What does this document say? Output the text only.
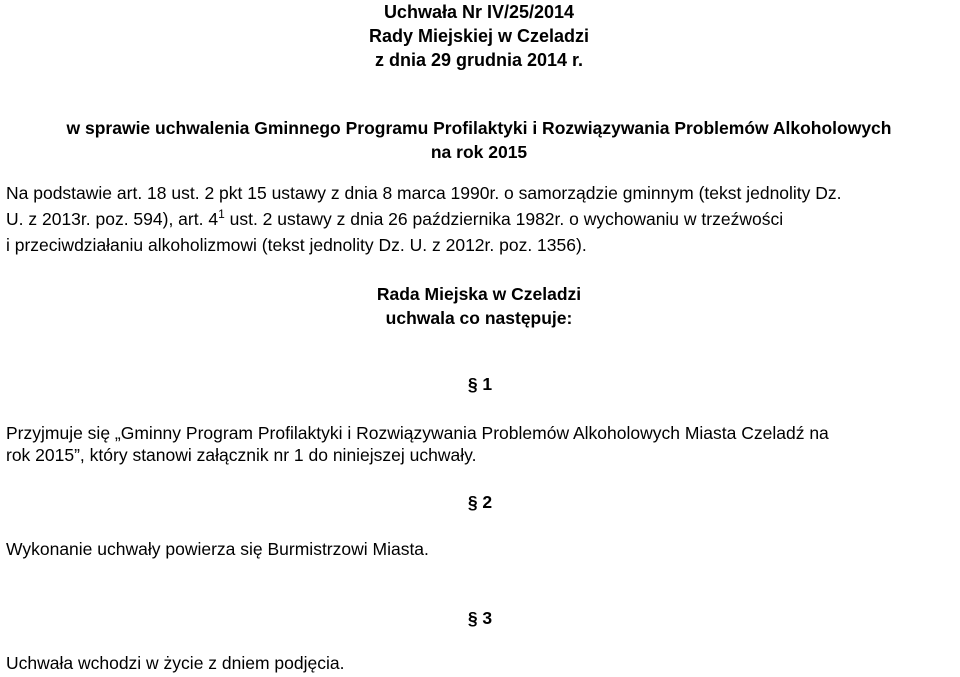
Uchwała Nr IV/25/2014
Rady Miejskiej w Czeladzi
z dnia 29 grudnia 2014 r.
w sprawie uchwalenia Gminnego Programu Profilaktyki i Rozwiązywania Problemów Alkoholowych
na rok 2015
Na podstawie art. 18 ust. 2 pkt 15 ustawy z dnia 8 marca 1990r. o samorządzie gminnym (tekst jednolity Dz.
U. z 2013r. poz. 594), art. $4^1$ ust. 2 ustawy z dnia 26 października 1982r. o wychowaniu w trzeźwości
i przeciwdziałaniu alkoholizmowi (tekst jednolity Dz. U. z 2012r. poz. 1356).
Rada Miejska w Czeladzi
uchwala co następuje:
§ 1
Przyjmuje się „Gminny Program Profilaktyki i Rozwiązywania Problemów Alkoholowych Miasta Czeladź na
rok 2015”, który stanowi załącznik nr 1 do niniejszej uchwały.
§ 2
Wykonanie uchwały powierza się Burmistrzowi Miasta.
§ 3
Uchwała wchodzi w życie z dniem podjęcia.
